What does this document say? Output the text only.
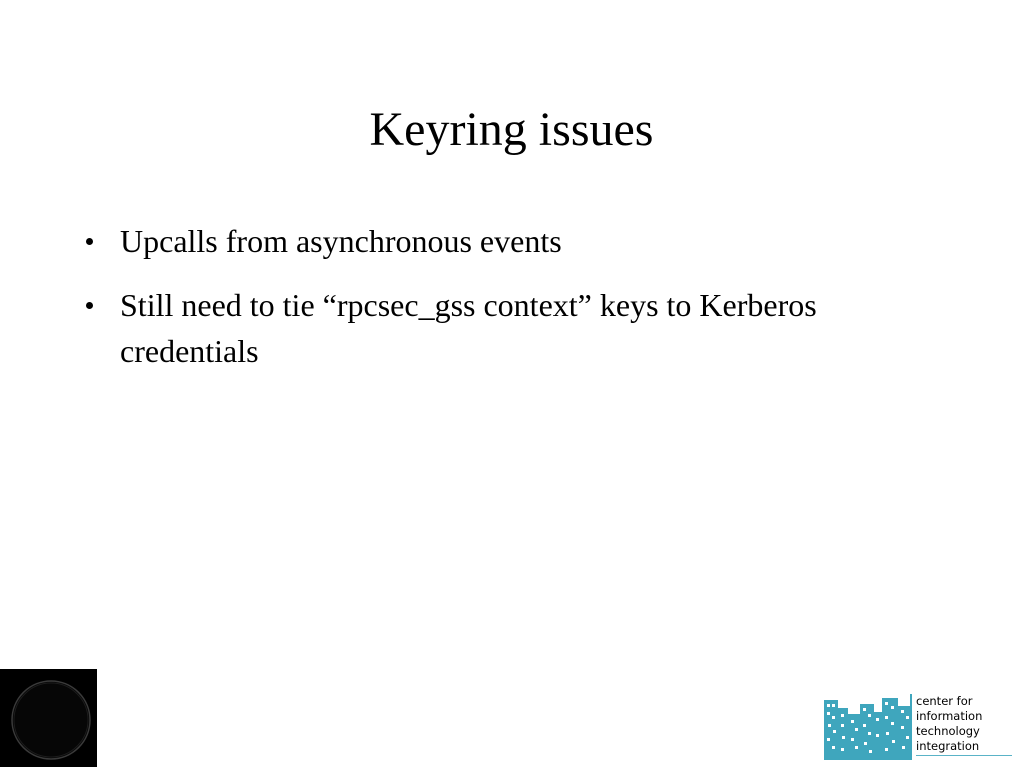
Keyring issues
Upcalls from asynchronous events
Still need to tie “rpcsec_gss context” keys to Kerberos credentials
center for
information
technology
integration
